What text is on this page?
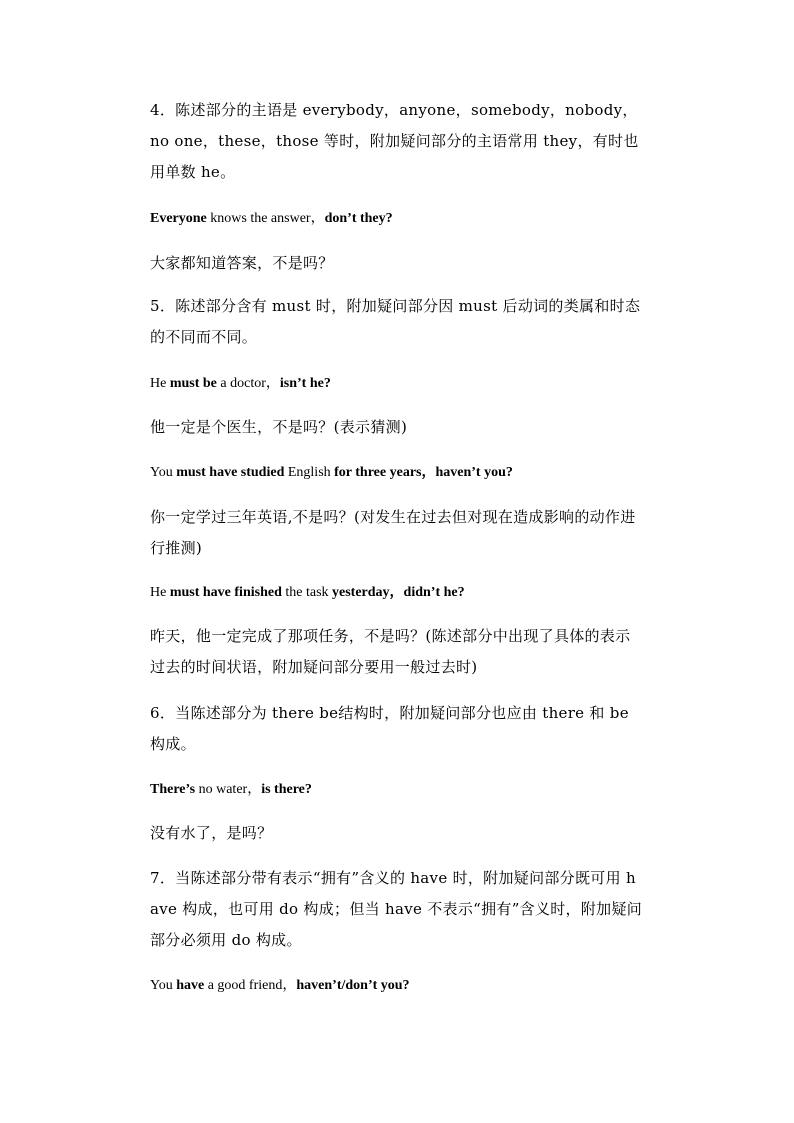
4．陈述部分的主语是 everybody，anyone，somebody，nobody，no one，these，those 等时，附加疑问部分的主语常用 they，有时也用单数 he。
Everyone knows the answer，don’t they?
大家都知道答案，不是吗？
5．陈述部分含有 must 时，附加疑问部分因 must 后动词的类属和时态的不同而不同。
He must be a doctor，isn’t he?
他一定是个医生，不是吗？(表示猜测)
You must have studied English for three years，haven’t you?
你一定学过三年英语,不是吗？(对发生在过去但对现在造成影响的动作进行推测)
He must have finished the task yesterday，didn’t he?
昨天，他一定完成了那项任务，不是吗？(陈述部分中出现了具体的表示过去的时间状语，附加疑问部分要用一般过去时)
6．当陈述部分为 there be结构时，附加疑问部分也应由 there 和 be 构成。
There’s no water，is there?
没有水了，是吗？
7．当陈述部分带有表示“拥有”含义的 have 时，附加疑问部分既可用 have 构成，也可用 do 构成；但当 have 不表示“拥有”含义时，附加疑问部分必须用 do 构成。
You have a good friend，haven’t/don’t you?
